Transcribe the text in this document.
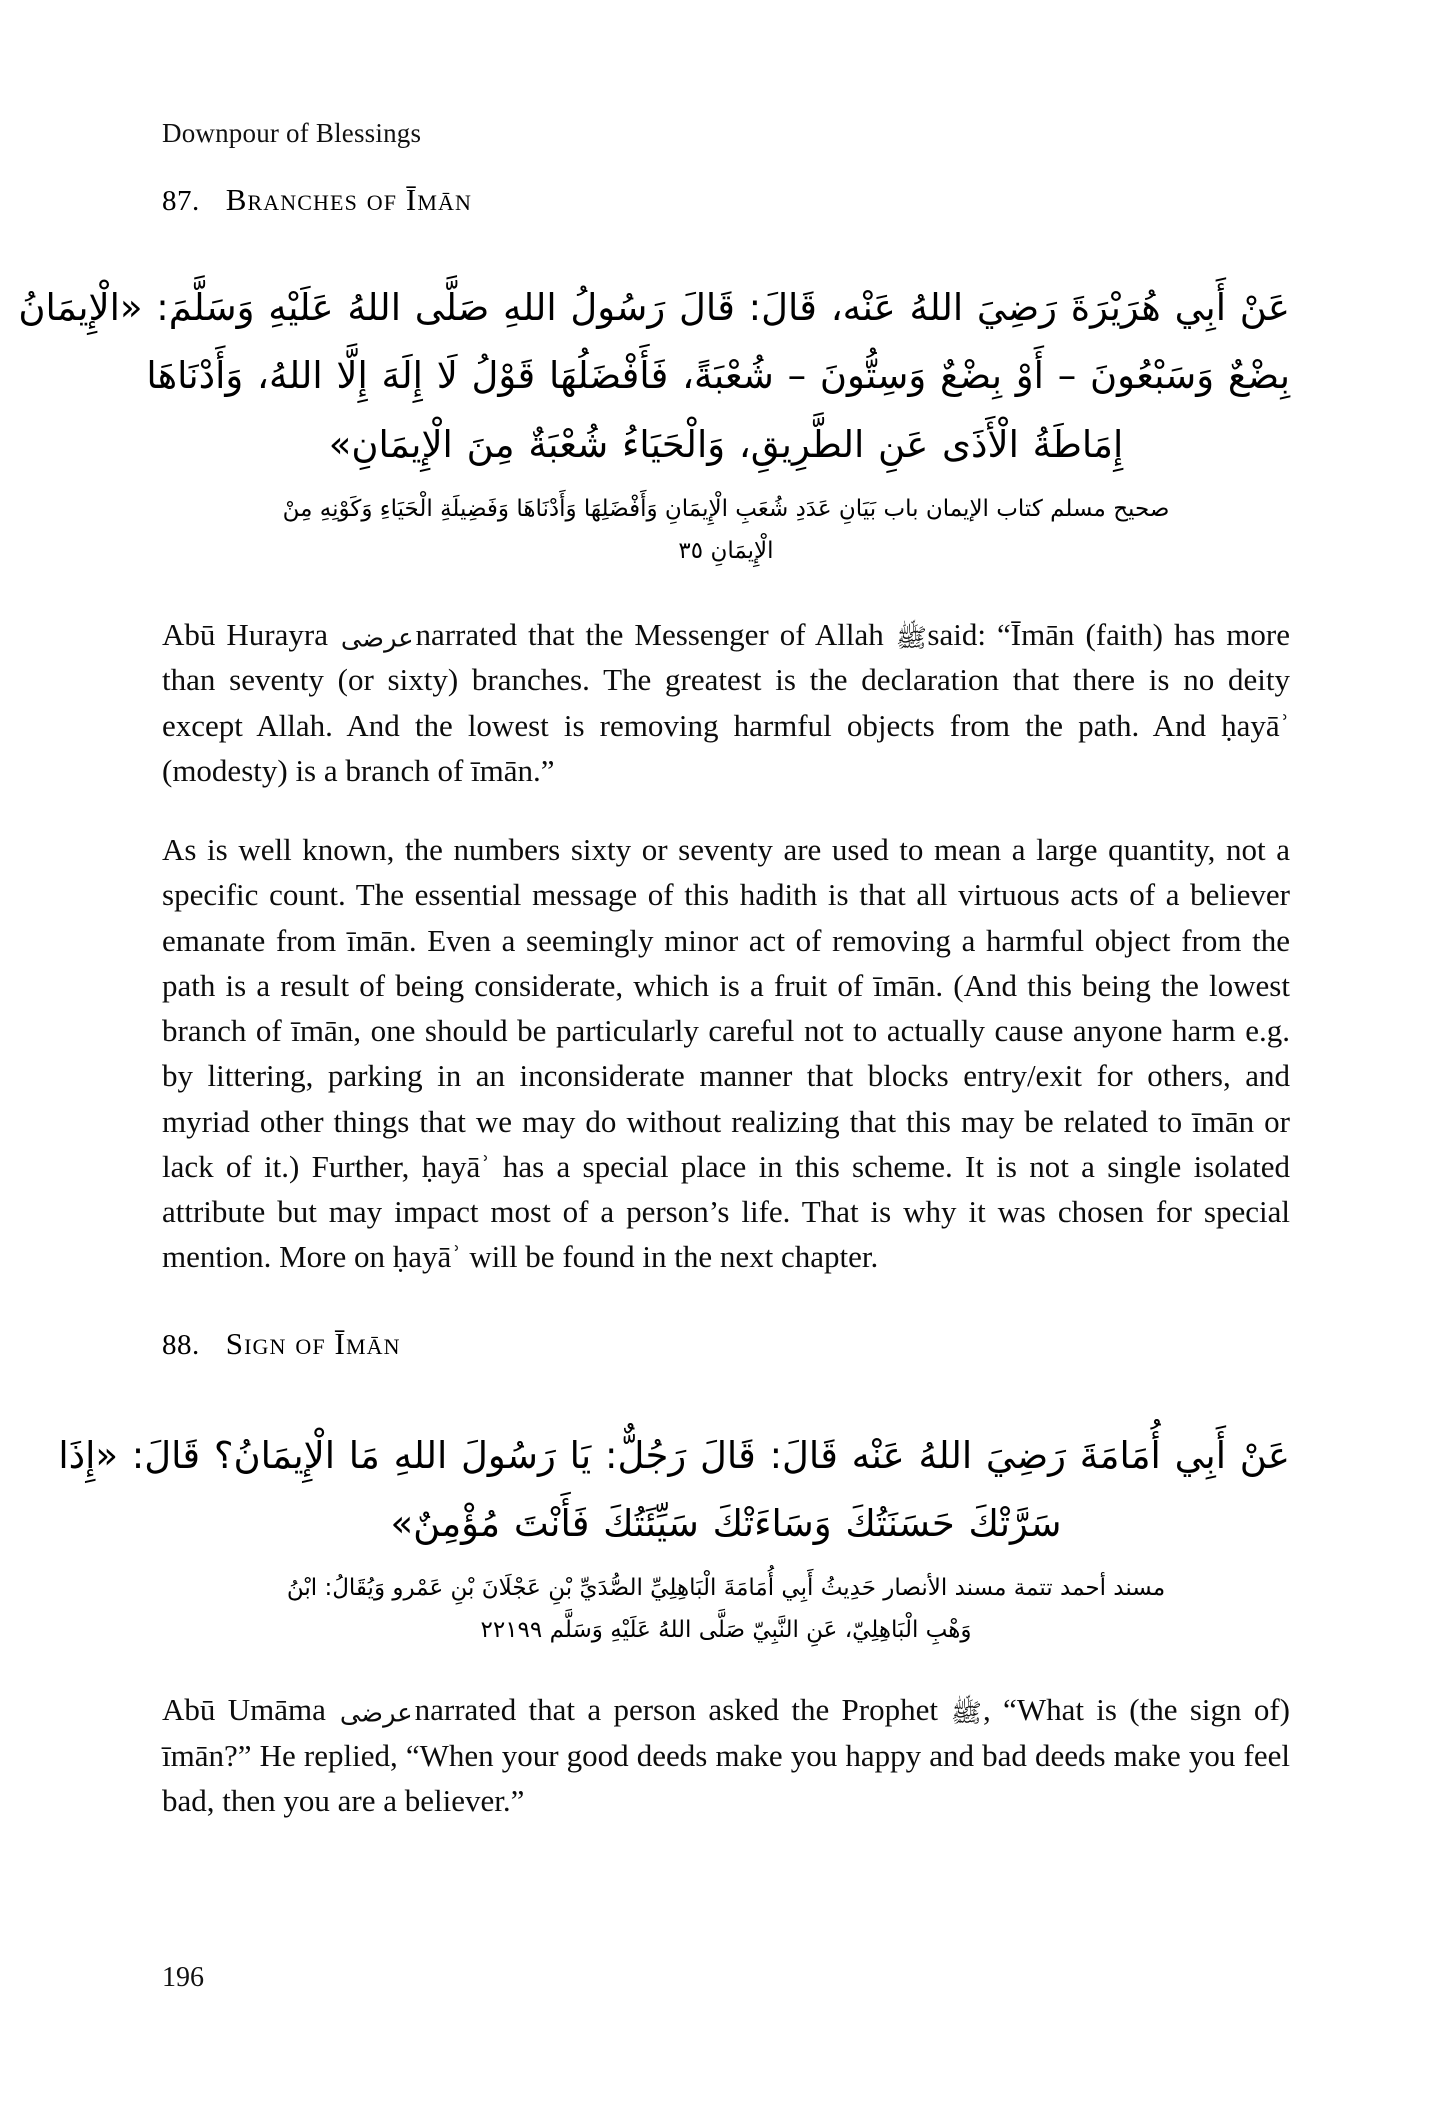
Downpour of Blessings
87. Branches of Īmān
عَنْ أَبِي هُرَيْرَةَ رَضِيَ اللهُ عَنْه، قَالَ: قَالَ رَسُولُ اللهِ صَلَّى اللهُ عَلَيْهِ وَسَلَّمَ: «الْإِيمَانُ
بِضْعٌ وَسَبْعُونَ – أَوْ بِضْعٌ وَسِتُّونَ – شُعْبَةً، فَأَفْضَلُهَا قَوْلُ لَا إِلَهَ إِلَّا اللهُ، وَأَدْنَاهَا
إِمَاطَةُ الْأَذَى عَنِ الطَّرِيقِ، وَالْحَيَاءُ شُعْبَةٌ مِنَ الْإِيمَانِ»
صحيح مسلم كتاب الإيمان باب بَيَانِ عَدَدِ شُعَبِ الْإِيمَانِ وَأَفْضَلِهَا وَأَدْنَاهَا وَفَضِيلَةِ الْحَيَاءِ وَكَوْنِهِ مِنْ
الْإِيمَانِ ٣٥

Abū Hurayra عرضىnarrated that the Messenger of Allah ﷺsaid: “Īmān (faith) has more than seventy (or sixty) branches. The greatest is the declaration that there is no deity except Allah. And the lowest is removing harmful objects from the path. And ḥayāʾ (modesty) is a branch of īmān.”

As is well known, the numbers sixty or seventy are used to mean a large quantity, not a specific count. The essential message of this hadith is that all virtuous acts of a believer emanate from īmān. Even a seemingly minor act of removing a harmful object from the path is a result of being considerate, which is a fruit of īmān. (And this being the lowest branch of īmān, one should be particularly careful not to actually cause anyone harm e.g. by littering, parking in an inconsiderate manner that blocks entry/exit for others, and myriad other things that we may do without realizing that this may be related to īmān or lack of it.) Further, ḥayāʾ has a special place in this scheme. It is not a single isolated attribute but may impact most of a person’s life. That is why it was chosen for special mention. More on ḥayāʾ will be found in the next chapter.

88. Sign of Īmān
عَنْ أَبِي أُمَامَةَ رَضِيَ اللهُ عَنْه قَالَ: قَالَ رَجُلٌّ: يَا رَسُولَ اللهِ مَا الْإِيمَانُ؟ قَالَ: «إِذَا
سَرَّتْكَ حَسَنَتُكَ وَسَاءَتْكَ سَيِّئَتُكَ فَأَنْتَ مُؤْمِنٌ»
مسند أحمد تتمة مسند الأنصار حَدِيثُ أَبِي أُمَامَةَ الْبَاهِلِيِّ الصُّدَيِّ بْنِ عَجْلَانَ بْنِ عَمْرو وَيُقَالُ: ابْنُ
وَهْبِ الْبَاهِلِيّ، عَنِ النَّبِيّ صَلَّى اللهُ عَلَيْهِ وَسَلَّم ٢٢١٩٩

Abū Umāma عرضىnarrated that a person asked the Prophet ﷺ, “What is (the sign of) īmān?” He replied, “When your good deeds make you happy and bad deeds make you feel bad, then you are a believer.”

196
